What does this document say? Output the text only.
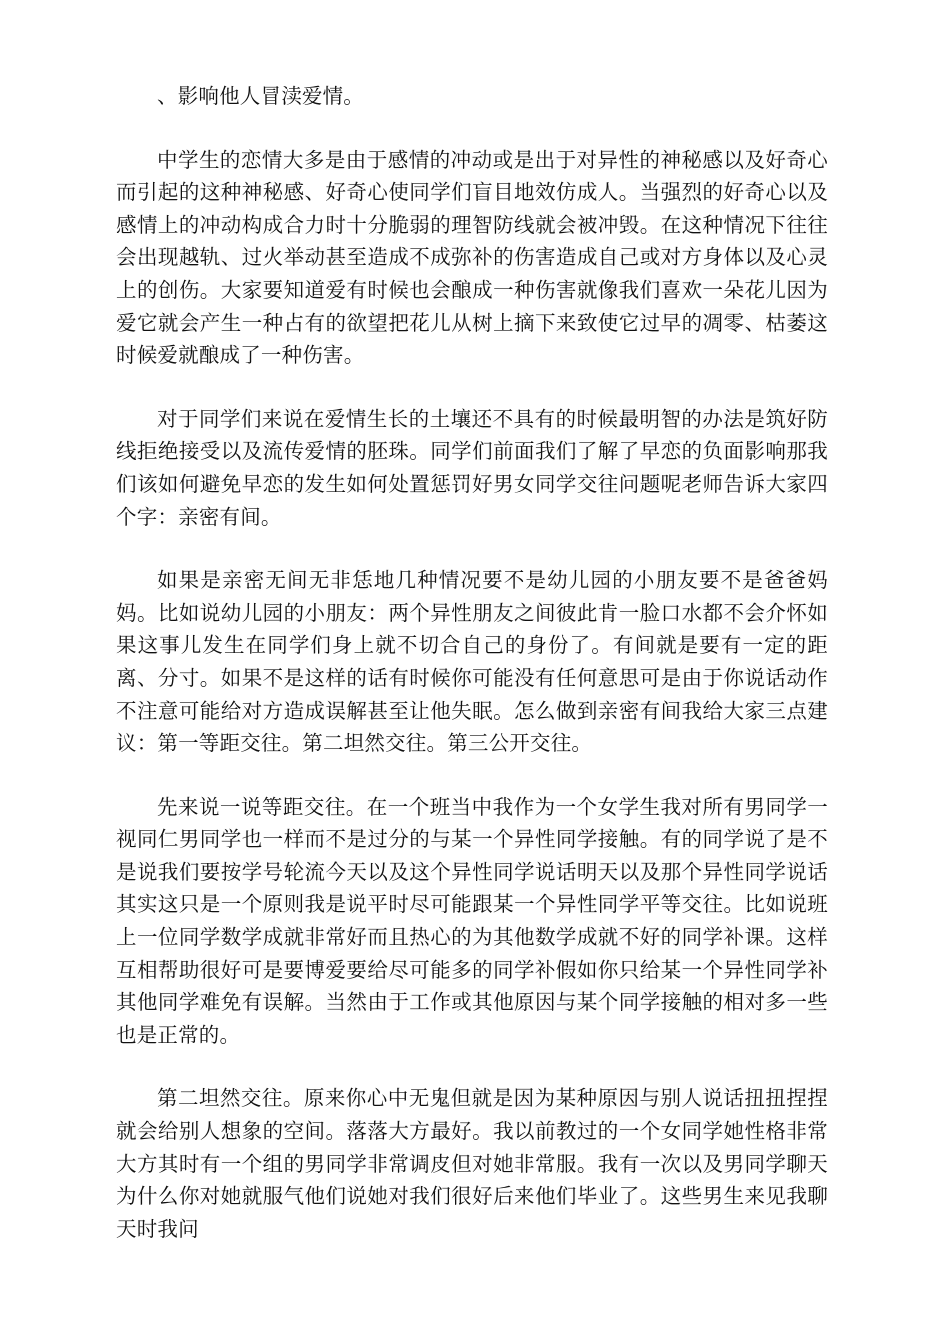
、影响他人冒渎爱情。

中学生的恋情大多是由于感情的冲动或是出于对异性的神秘感以及好奇心而引起的这种神秘感、好奇心使同学们盲目地效仿成人。当强烈的好奇心以及感情上的冲动构成合力时十分脆弱的理智防线就会被冲毁。在这种情况下往往会出现越轨、过火举动甚至造成不成弥补的伤害造成自己或对方身体以及心灵上的创伤。大家要知道爱有时候也会酿成一种伤害就像我们喜欢一朵花儿因为爱它就会产生一种占有的欲望把花儿从树上摘下来致使它过早的凋零、枯萎这时候爱就酿成了一种伤害。

对于同学们来说在爱情生长的土壤还不具有的时候最明智的办法是筑好防线拒绝接受以及流传爱情的胚珠。同学们前面我们了解了早恋的负面影响那我们该如何避免早恋的发生如何处置惩罚好男女同学交往问题呢老师告诉大家四个字：亲密有间。

如果是亲密无间无非恁地几种情况要不是幼儿园的小朋友要不是爸爸妈妈。比如说幼儿园的小朋友：两个异性朋友之间彼此肯一脸口水都不会介怀如果这事儿发生在同学们身上就不切合自己的身份了。有间就是要有一定的距离、分寸。如果不是这样的话有时候你可能没有任何意思可是由于你说话动作不注意可能给对方造成误解甚至让他失眠。怎么做到亲密有间我给大家三点建议：第一等距交往。第二坦然交往。第三公开交往。

先来说一说等距交往。在一个班当中我作为一个女学生我对所有男同学一视同仁男同学也一样而不是过分的与某一个异性同学接触。有的同学说了是不是说我们要按学号轮流今天以及这个异性同学说话明天以及那个异性同学说话其实这只是一个原则我是说平时尽可能跟某一个异性同学平等交往。比如说班上一位同学数学成就非常好而且热心的为其他数学成就不好的同学补课。这样互相帮助很好可是要博爱要给尽可能多的同学补假如你只给某一个异性同学补其他同学难免有误解。当然由于工作或其他原因与某个同学接触的相对多一些也是正常的。

第二坦然交往。原来你心中无鬼但就是因为某种原因与别人说话扭扭捏捏就会给别人想象的空间。落落大方最好。我以前教过的一个女同学她性格非常大方其时有一个组的男同学非常调皮但对她非常服。我有一次以及男同学聊天为什么你对她就服气他们说她对我们很好后来他们毕业了。这些男生来见我聊天时我问
